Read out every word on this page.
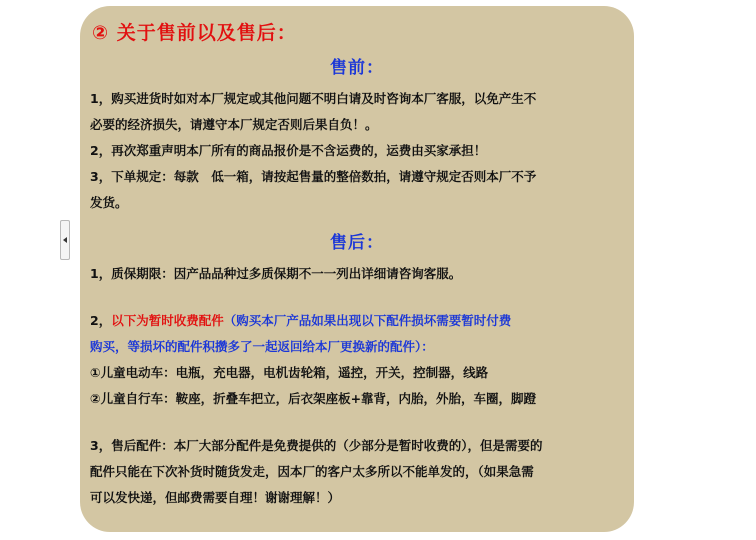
② 关于售前以及售后：
售前：

1，购买进货时如对本厂规定或其他问题不明白请及时咨询本厂客服，以免产生不
必要的经济损失，请遵守本厂规定否则后果自负！。

2，再次郑重声明本厂所有的商品报价是不含运费的，运费由买家承担！

3，下单规定：每款　低一箱，请按起售量的整倍数拍，请遵守规定否则本厂不予
发货。

售后：

1，质保期限：因产品品种过多质保期不一一列出详细请咨询客服。

2，以下为暂时收费配件（购买本厂产品如果出现以下配件损坏需要暂时付费
购买，等损坏的配件积攒多了一起返回给本厂更换新的配件）：
①儿童电动车：电瓶，充电器，电机齿轮箱，遥控，开关，控制器，线路
②儿童自行车：鞍座，折叠车把立，后衣架座板+靠背，内胎，外胎，车圈，脚蹬

3，售后配件：本厂大部分配件是免费提供的（少部分是暂时收费的），但是需要的
配件只能在下次补货时随货发走，因本厂的客户太多所以不能单发的，（如果急需
可以发快递，但邮费需要自理！谢谢理解！）
